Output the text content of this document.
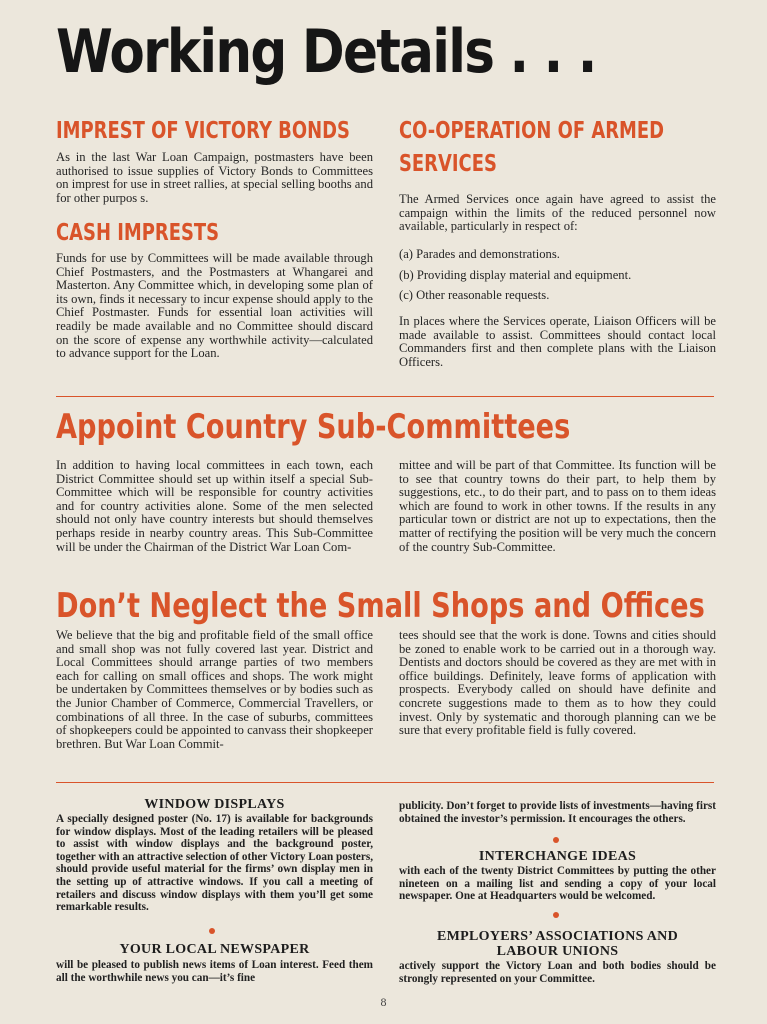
Working Details . . .
IMPREST OF VICTORY BONDS
As in the last War Loan Campaign, postmasters have been authorised to issue supplies of Victory Bonds to Committees on imprest for use in street rallies, at special selling booths and for other purpos s.
CASH IMPRESTS
Funds for use by Committees will be made available through Chief Postmasters, and the Postmasters at Whangarei and Masterton. Any Committee which, in developing some plan of its own, finds it necessary to incur expense should apply to the Chief Postmaster. Funds for essential loan activities will readily be made available and no Committee should discard on the score of expense any worthwhile activity—calculated to advance support for the Loan.
CO-OPERATION OF ARMED
SERVICES
The Armed Services once again have agreed to assist the campaign within the limits of the reduced personnel now available, particularly in respect of:
(a) Parades and demonstrations.
(b) Providing display material and equipment.
(c) Other reasonable requests.
In places where the Services operate, Liaison Officers will be made available to assist. Committees should contact local Commanders first and then complete plans with the Liaison Officers.
Appoint Country Sub-Committees
In addition to having local committees in each town, each District Committee should set up within itself a special Sub-Committee which will be responsible for country activities and for country activities alone. Some of the men selected should not only have country interests but should themselves perhaps reside in nearby country areas. This Sub-Committee will be under the Chairman of the District War Loan Com-
mittee and will be part of that Committee. Its function will be to see that country towns do their part, to help them by suggestions, etc., to do their part, and to pass on to them ideas which are found to work in other towns. If the results in any particular town or district are not up to expectations, then the matter of rectifying the position will be very much the concern of the country Sub-Committee.
Don’t Neglect the Small Shops and Offices
We believe that the big and profitable field of the small office and small shop was not fully covered last year. District and Local Committees should arrange parties of two members each for calling on small offices and shops. The work might be undertaken by Committees themselves or by bodies such as the Junior Chamber of Commerce, Commercial Travellers, or combinations of all three. In the case of suburbs, committees of shopkeepers could be appointed to canvass their shopkeeper brethren. But War Loan Commit-
tees should see that the work is done. Towns and cities should be zoned to enable work to be carried out in a thorough way. Dentists and doctors should be covered as they are met with in office buildings. Definitely, leave forms of application with prospects. Everybody called on should have definite and concrete suggestions made to them as to how they could invest. Only by systematic and thorough planning can we be sure that every profitable field is fully covered.
WINDOW DISPLAYS
A specially designed poster (No. 17) is available for backgrounds for window displays. Most of the leading retailers will be pleased to assist with window displays and the background poster, together with an attractive selection of other Victory Loan posters, should provide useful material for the firms’ own display men in the setting up of attractive windows. If you call a meeting of retailers and discuss window displays with them you’ll get some remarkable results.
YOUR LOCAL NEWSPAPER
will be pleased to publish news items of Loan interest. Feed them all the worthwhile news you can—it’s fine
publicity. Don’t forget to provide lists of investments—having first obtained the investor’s permission. It encourages the others.
INTERCHANGE IDEAS
with each of the twenty District Committees by putting the other nineteen on a mailing list and sending a copy of your local newspaper. One at Headquarters would be welcomed.
EMPLOYERS’ ASSOCIATIONS AND
LABOUR UNIONS
actively support the Victory Loan and both bodies should be strongly represented on your Committee.
8
